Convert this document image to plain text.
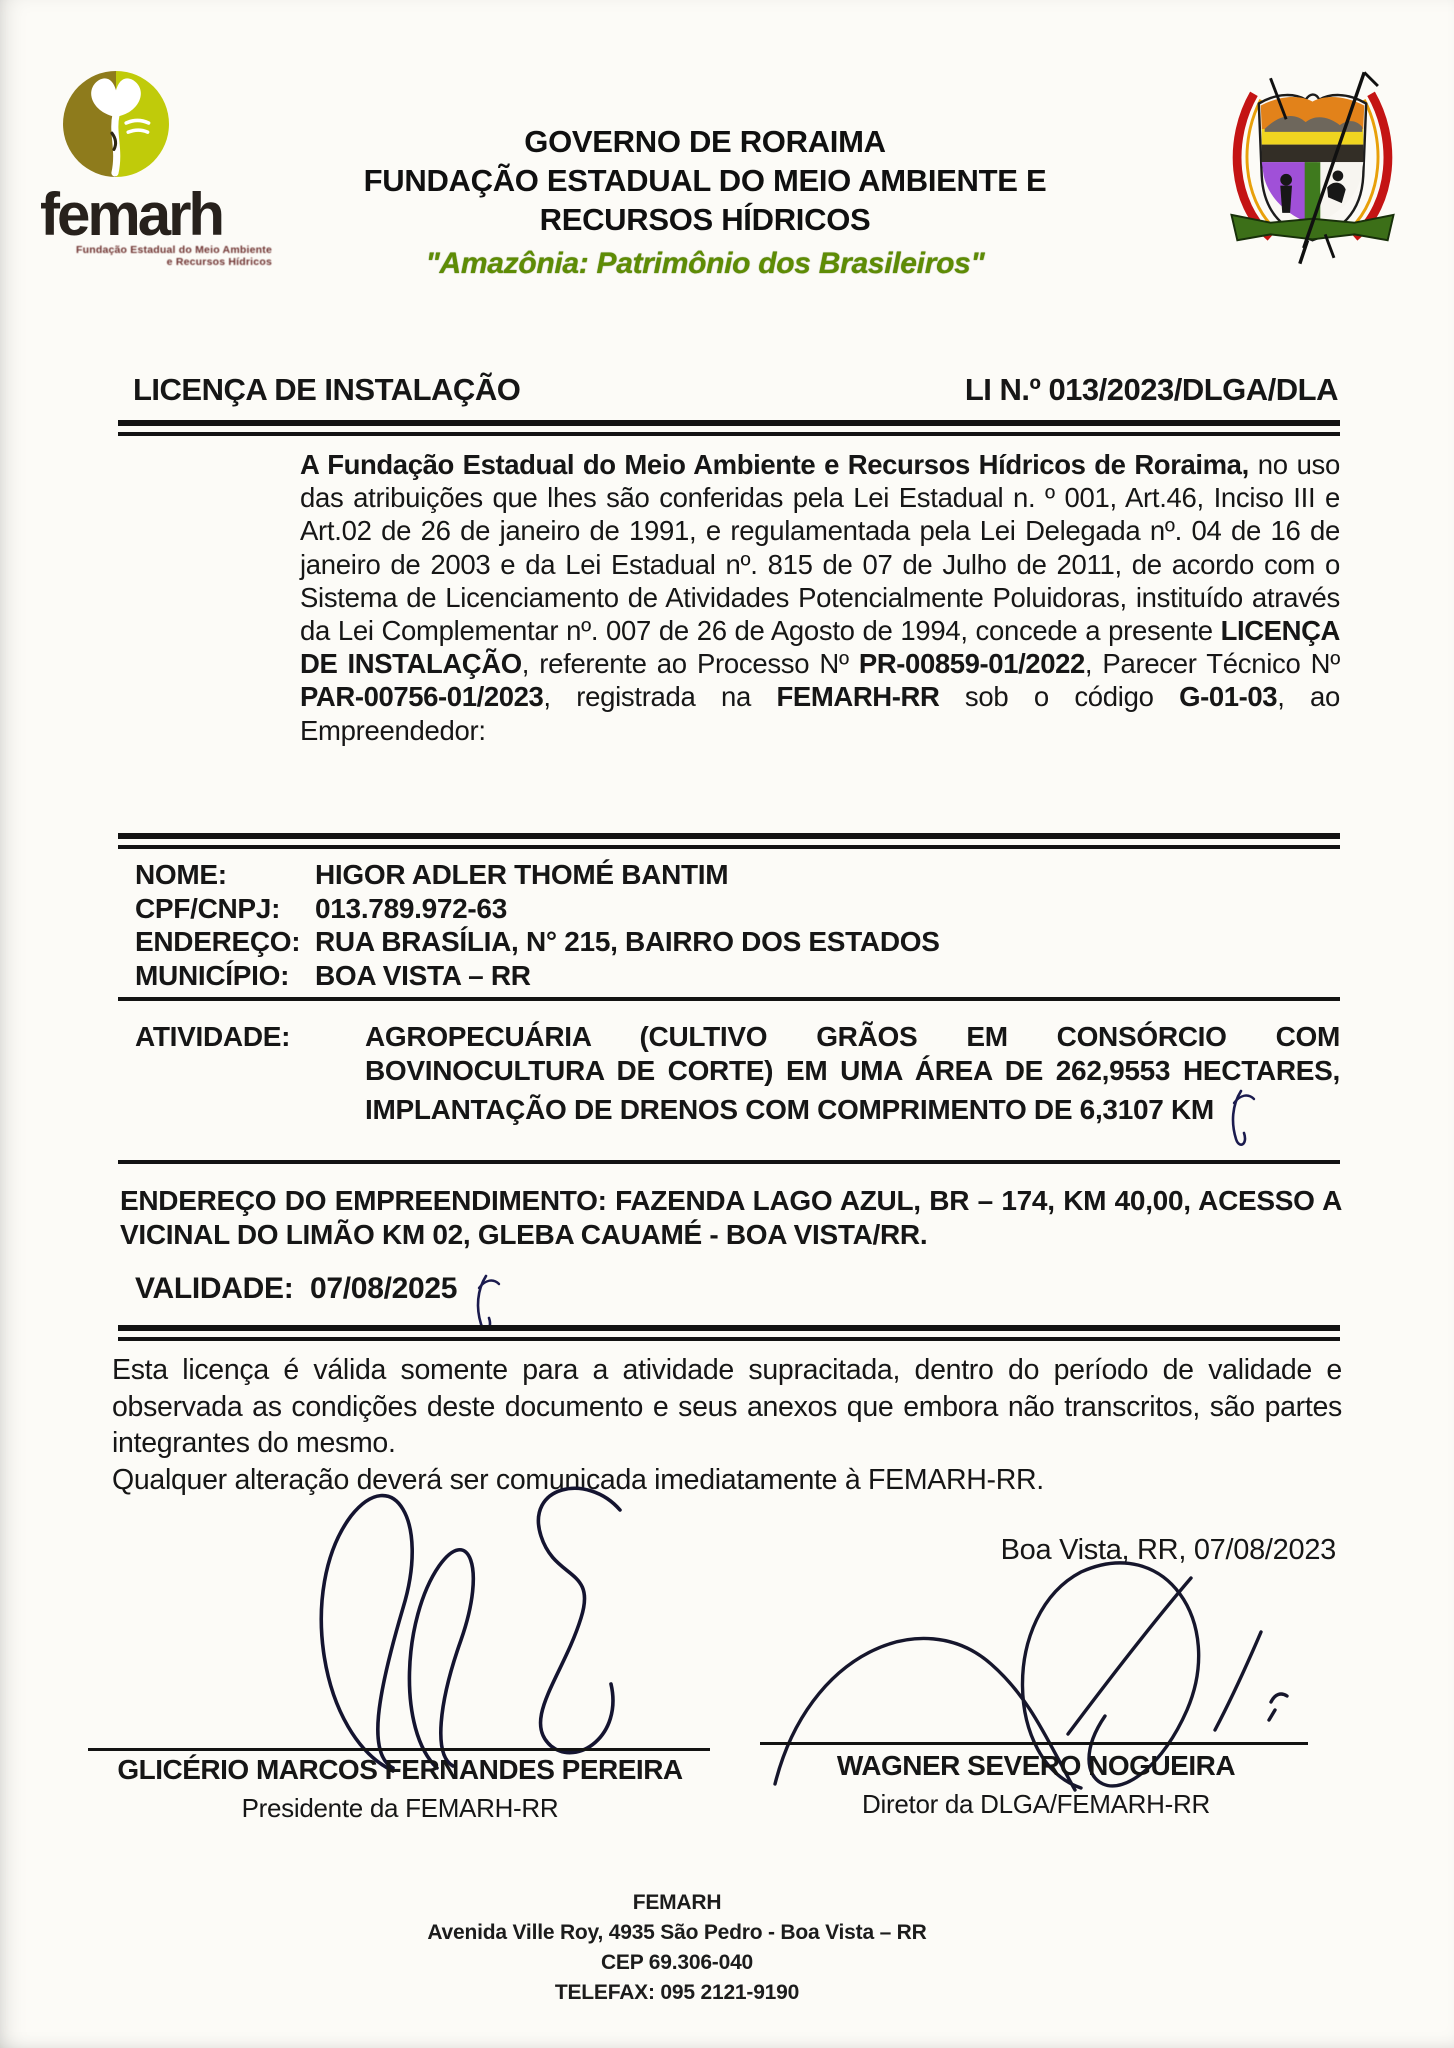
femarh
Fundação Estadual do Meio Ambiente
e Recursos Hídricos
GOVERNO DE RORAIMA
FUNDAÇÃO ESTADUAL DO MEIO AMBIENTE E
RECURSOS HÍDRICOS
"Amazônia: Patrimônio dos Brasileiros"
LICENÇA DE INSTALAÇÃO	LI N.º 013/2023/DLGA/DLA

A Fundação Estadual do Meio Ambiente e Recursos Hídricos de Roraima, no uso das atribuições que lhes são conferidas pela Lei Estadual n. º 001, Art.46, Inciso III e Art.02 de 26 de janeiro de 1991, e regulamentada pela Lei Delegada nº. 04 de 16 de janeiro de 2003 e da Lei Estadual nº. 815 de 07 de Julho de 2011, de acordo com o Sistema de Licenciamento de Atividades Potencialmente Poluidoras, instituído através da Lei Complementar nº. 007 de 26 de Agosto de 1994, concede a presente LICENÇA DE INSTALAÇÃO, referente ao Processo Nº PR-00859-01/2022, Parecer Técnico Nº PAR-00756-01/2023, registrada na FEMARH-RR sob o código G-01-03, ao Empreendedor:

NOME:	HIGOR ADLER THOMÉ BANTIM
CPF/CNPJ:	013.789.972-63
ENDEREÇO: RUA BRASÍLIA, N° 215, BAIRRO DOS ESTADOS
MUNICÍPIO: BOA VISTA – RR
ATIVIDADE:	AGROPECUÁRIA (CULTIVO GRÃOS EM CONSÓRCIO COM BOVINOCULTURA DE CORTE) EM UMA ÁREA DE 262,9553 HECTARES, IMPLANTAÇÃO DE DRENOS COM COMPRIMENTO DE 6,3107 KM

ENDEREÇO DO EMPREENDIMENTO: FAZENDA LAGO AZUL, BR – 174, KM 40,00, ACESSO A VICINAL DO LIMÃO KM 02, GLEBA CAUAMÉ - BOA VISTA/RR.

VALIDADE: 07/08/2025

Esta licença é válida somente para a atividade supracitada, dentro do período de validade e observada as condições deste documento e seus anexos que embora não transcritos, são partes integrantes do mesmo.

Qualquer alteração deverá ser comunicada imediatamente à FEMARH-RR.

Boa Vista, RR, 07/08/2023
GLICÉRIO MARCOS FERNANDES PEREIRA
Presidente da FEMARH-RR
WAGNER SEVERO NOGUEIRA
Diretor da DLGA/FEMARH-RR
FEMARH
Avenida Ville Roy, 4935 São Pedro - Boa Vista – RR
CEP 69.306-040
TELEFAX: 095 2121-9190
